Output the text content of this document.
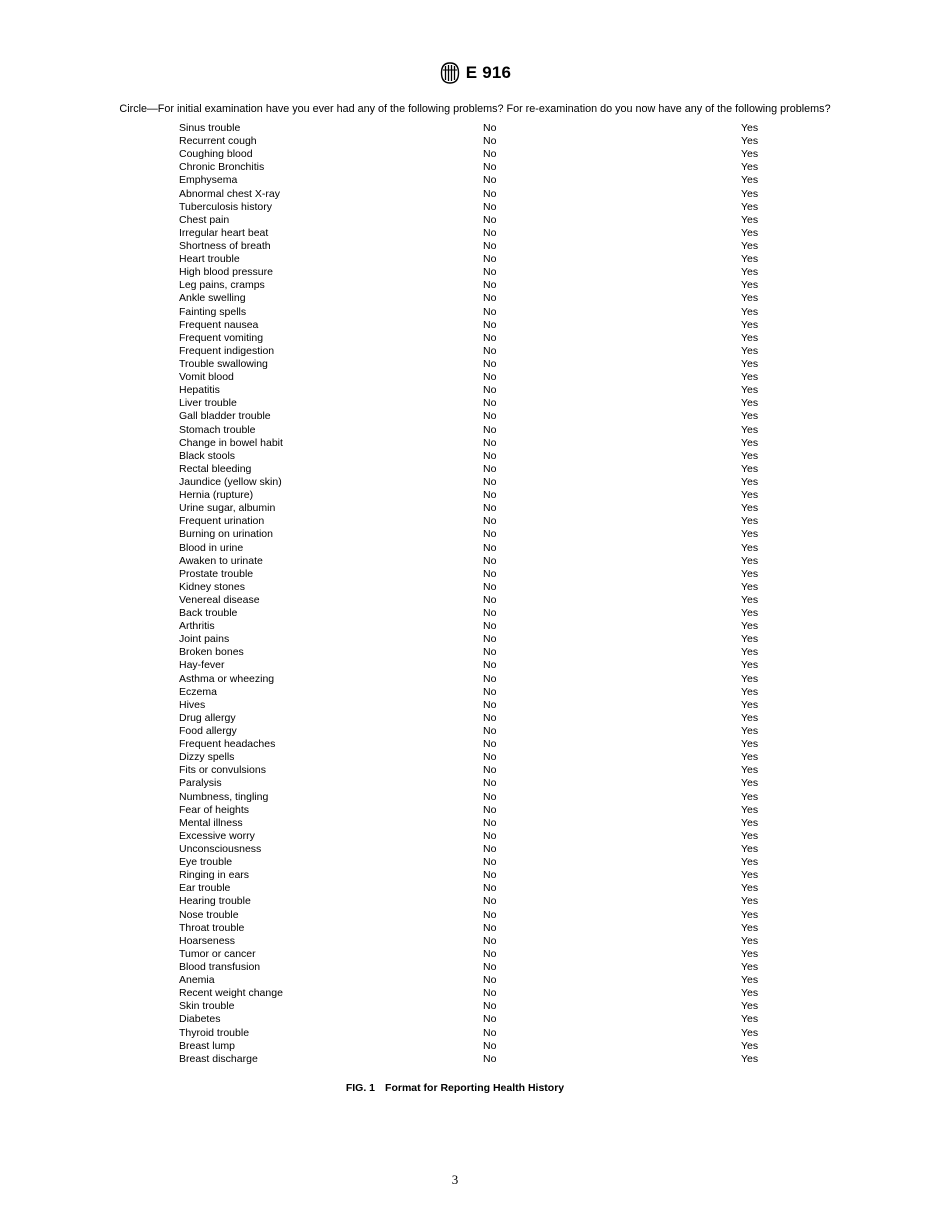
E 916
Circle—For initial examination have you ever had any of the following problems? For re-examination do you now have any of the following problems?
Sinus trouble	No	Yes
Recurrent cough	No	Yes
Coughing blood	No	Yes
Chronic Bronchitis	No	Yes
Emphysema	No	Yes
Abnormal chest X-ray	No	Yes
Tuberculosis history	No	Yes
Chest pain	No	Yes
Irregular heart beat	No	Yes
Shortness of breath	No	Yes
Heart trouble	No	Yes
High blood pressure	No	Yes
Leg pains, cramps	No	Yes
Ankle swelling	No	Yes
Fainting spells	No	Yes
Frequent nausea	No	Yes
Frequent vomiting	No	Yes
Frequent indigestion	No	Yes
Trouble swallowing	No	Yes
Vomit blood	No	Yes
Hepatitis	No	Yes
Liver trouble	No	Yes
Gall bladder trouble	No	Yes
Stomach trouble	No	Yes
Change in bowel habit	No	Yes
Black stools	No	Yes
Rectal bleeding	No	Yes
Jaundice (yellow skin)	No	Yes
Hernia (rupture)	No	Yes
Urine sugar, albumin	No	Yes
Frequent urination	No	Yes
Burning on urination	No	Yes
Blood in urine	No	Yes
Awaken to urinate	No	Yes
Prostate trouble	No	Yes
Kidney stones	No	Yes
Venereal disease	No	Yes
Back trouble	No	Yes
Arthritis	No	Yes
Joint pains	No	Yes
Broken bones	No	Yes
Hay-fever	No	Yes
Asthma or wheezing	No	Yes
Eczema	No	Yes
Hives	No	Yes
Drug allergy	No	Yes
Food allergy	No	Yes
Frequent headaches	No	Yes
Dizzy spells	No	Yes
Fits or convulsions	No	Yes
Paralysis	No	Yes
Numbness, tingling	No	Yes
Fear of heights	No	Yes
Mental illness	No	Yes
Excessive worry	No	Yes
Unconsciousness	No	Yes
Eye trouble	No	Yes
Ringing in ears	No	Yes
Ear trouble	No	Yes
Hearing trouble	No	Yes
Nose trouble	No	Yes
Throat trouble	No	Yes
Hoarseness	No	Yes
Tumor or cancer	No	Yes
Blood transfusion	No	Yes
Anemia	No	Yes
Recent weight change	No	Yes
Skin trouble	No	Yes
Diabetes	No	Yes
Thyroid trouble	No	Yes
Breast lump	No	Yes
Breast discharge	No	Yes
FIG. 1 Format for Reporting Health History
3
